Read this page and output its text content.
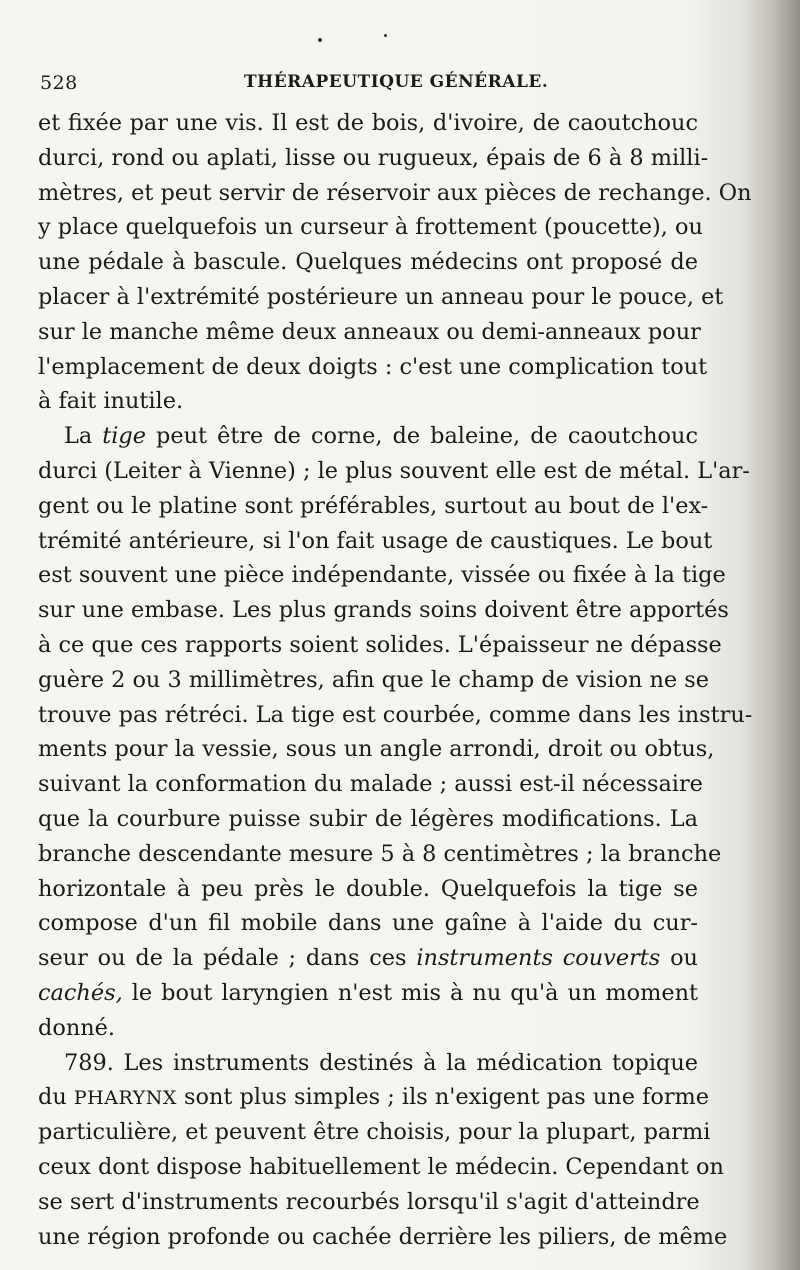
528	THÉRAPEUTIQUE GÉNÉRALE.
et fixée par une vis. Il est de bois, d'ivoire, de caoutchouc
durci, rond ou aplati, lisse ou rugueux, épais de 6 à 8 milli-
mètres, et peut servir de réservoir aux pièces de rechange. On
y place quelquefois un curseur à frottement (poucette), ou
une pédale à bascule. Quelques médecins ont proposé de
placer à l'extrémité postérieure un anneau pour le pouce, et
sur le manche même deux anneaux ou demi-anneaux pour
l'emplacement de deux doigts : c'est une complication tout
à fait inutile.
La tige peut être de corne, de baleine, de caoutchouc
durci (Leiter à Vienne) ; le plus souvent elle est de métal. L'ar-
gent ou le platine sont préférables, surtout au bout de l'ex-
trémité antérieure, si l'on fait usage de caustiques. Le bout
est souvent une pièce indépendante, vissée ou fixée à la tige
sur une embase. Les plus grands soins doivent être apportés
à ce que ces rapports soient solides. L'épaisseur ne dépasse
guère 2 ou 3 millimètres, afin que le champ de vision ne se
trouve pas rétréci. La tige est courbée, comme dans les instru-
ments pour la vessie, sous un angle arrondi, droit ou obtus,
suivant la conformation du malade ; aussi est-il nécessaire
que la courbure puisse subir de légères modifications. La
branche descendante mesure 5 à 8 centimètres ; la branche
horizontale à peu près le double. Quelquefois la tige se
compose d'un fil mobile dans une gaîne à l'aide du cur-
seur ou de la pédale ; dans ces instruments couverts ou
cachés, le bout laryngien n'est mis à nu qu'à un moment
donné.
789. Les instruments destinés à la médication topique
du PHARYNX sont plus simples ; ils n'exigent pas une forme
particulière, et peuvent être choisis, pour la plupart, parmi
ceux dont dispose habituellement le médecin. Cependant on
se sert d'instruments recourbés lorsqu'il s'agit d'atteindre
une région profonde ou cachée derrière les piliers, de même
